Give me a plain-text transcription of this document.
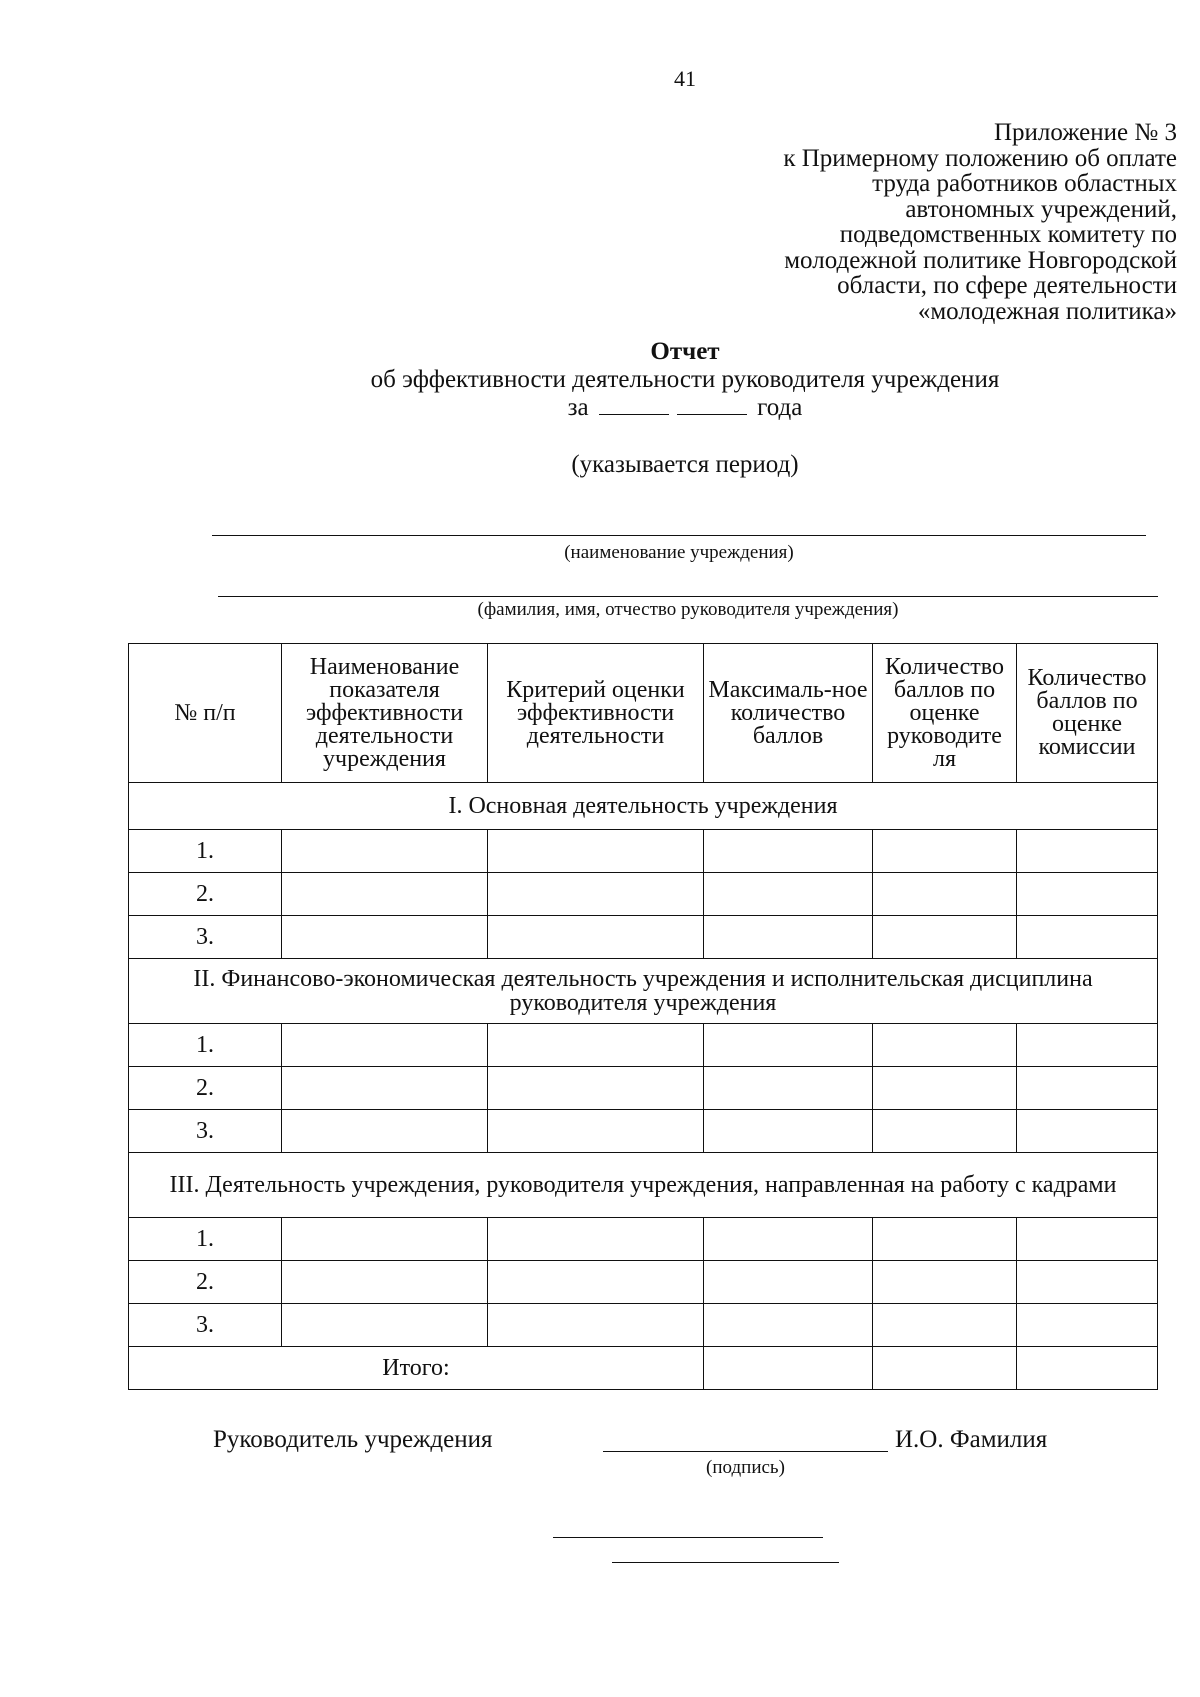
41
Приложение № 3
к Примерному положению об оплате
труда работников областных
автономных учреждений,
подведомственных комитету по
молодежной политике Новгородской
области, по сфере деятельности
«молодежная политика»
Отчет
об эффективности деятельности руководителя учреждения
за	года
(указывается период)
(наименование учреждения)
(фамилия, имя, отчество руководителя учреждения)
№ п/п	Наименование показателя эффективности деятельности учреждения	Критерий оценки эффективности деятельности	Максималь-ное количество баллов	Количество баллов по оценке руководите ля	Количество баллов по оценке комиссии
I. Основная деятельность учреждения					
1.					
2.					
3.					
II. Финансово-экономическая деятельность учреждения и исполнительская дисциплина руководителя учреждения					
1.					
2.					
3.					
III. Деятельность учреждения, руководителя учреждения, направленная на работу с кадрами					
1.					
2.					
3.					
Итого:					
Руководитель учреждения	И.О. Фамилия
(подпись)
